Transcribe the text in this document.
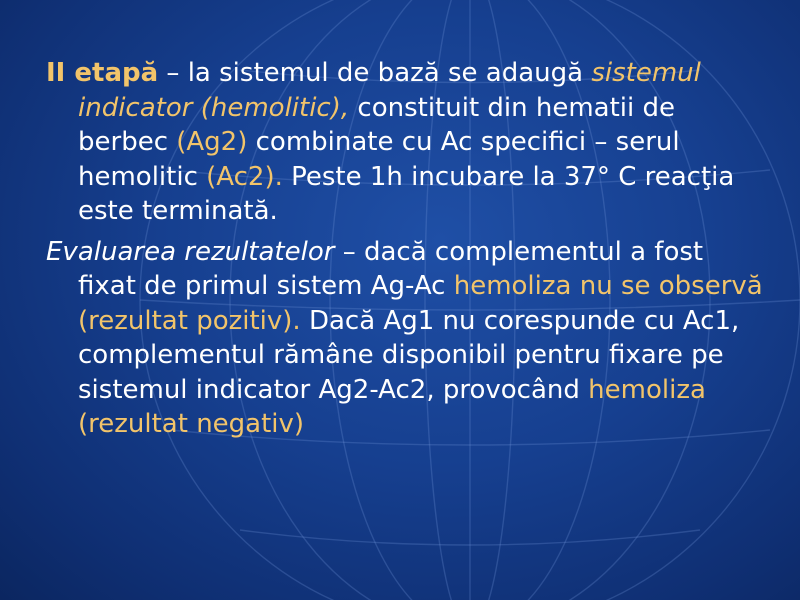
II etapă – la sistemul de bază se adaugă sistemul indicator (hemolitic), constituit din hematii de berbec (Ag2) combinate cu Ac specifici – serul hemolitic (Ac2). Peste 1h incubare la 37° C reacţia este terminată.

Evaluarea rezultatelor – dacă complementul a fost fixat de primul sistem Ag-Ac hemoliza nu se observă (rezultat pozitiv). Dacă Ag1 nu corespunde cu Ac1, complementul rămâne disponibil pentru fixare pe sistemul indicator Ag2-Ac2, provocând hemoliza (rezultat negativ)
